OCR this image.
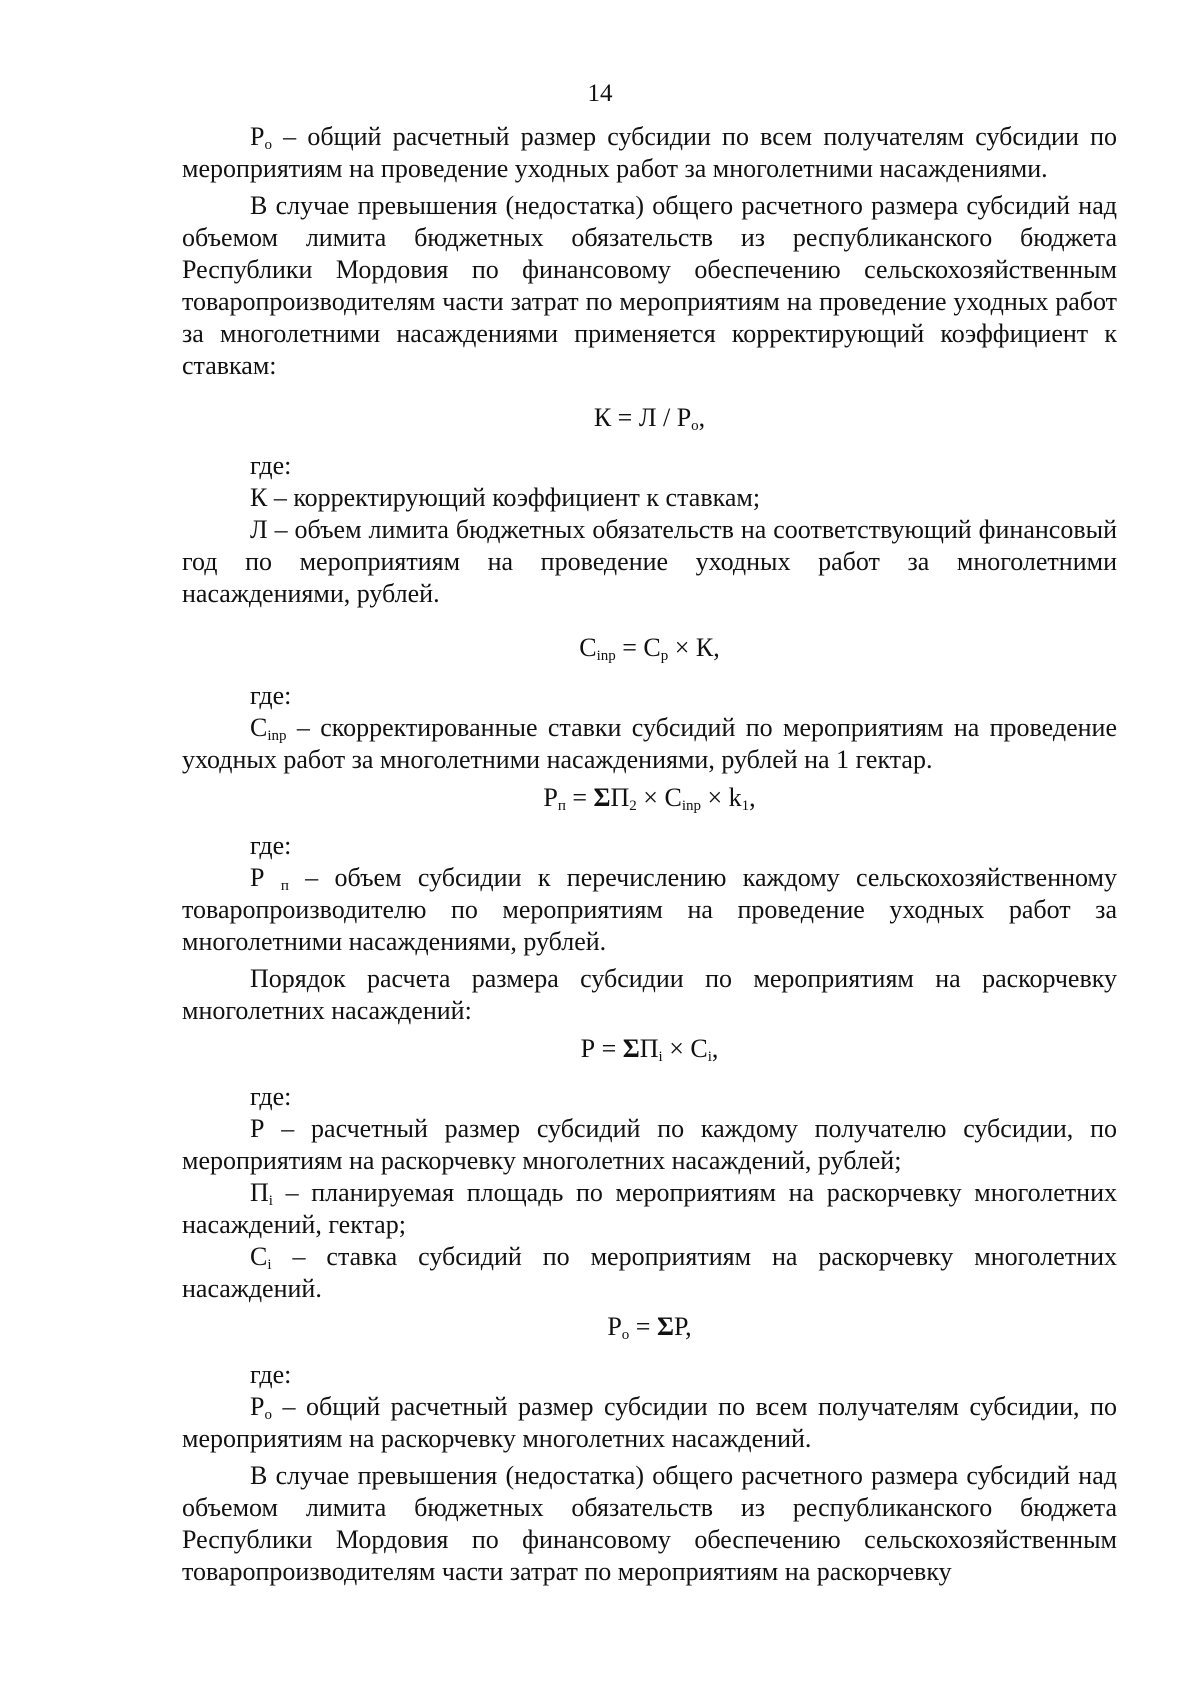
14

$Р_о$ – общий расчетный размер субсидии по всем получателям субсидии по мероприятиям на проведение уходных работ за многолетними насаждениями.

В случае превышения (недостатка) общего расчетного размера субсидий над объемом лимита бюджетных обязательств из республиканского бюджета Республики Мордовия по финансовому обеспечению сельскохозяйственным товаропроизводителям части затрат по мероприятиям на проведение уходных работ за многолетними насаждениями применяется корректирующий коэффициент к ставкам:

$К = Л / Р_о$,

где:

К – корректирующий коэффициент к ставкам;

Л – объем лимита бюджетных обязательств на соответствующий финансовый год по мероприятиям на проведение уходных работ за многолетними насаждениями, рублей.

$С_{inр} = С_р \times К$,

где:

$С_{inр}$ – скорректированные ставки субсидий по мероприятиям на проведение уходных работ за многолетними насаждениями, рублей на 1 гектар.

$Р_п = \Sigma П_2 \times С_{inр} \times k_1$,

где:

Р $_п$ – объем субсидии к перечислению каждому сельскохозяйственному товаропроизводителю по мероприятиям на проведение уходных работ за многолетними насаждениями, рублей.

Порядок расчета размера субсидии по мероприятиям на раскорчевку многолетних насаждений:

$Р = \Sigma П_i \times С_i$,

где:

Р – расчетный размер субсидий по каждому получателю субсидии, по мероприятиям на раскорчевку многолетних насаждений, рублей;

$П_i$ – планируемая площадь по мероприятиям на раскорчевку многолетних насаждений, гектар;

$С_i$ – ставка субсидий по мероприятиям на раскорчевку многолетних насаждений.

$Р_о = \Sigma Р$,

где:

$Р_о$ – общий расчетный размер субсидии по всем получателям субсидии, по мероприятиям на раскорчевку многолетних насаждений.

В случае превышения (недостатка) общего расчетного размера субсидий над объемом лимита бюджетных обязательств из республиканского бюджета Республики Мордовия по финансовому обеспечению сельскохозяйственным товаропроизводителям части затрат по мероприятиям на раскорчевку
